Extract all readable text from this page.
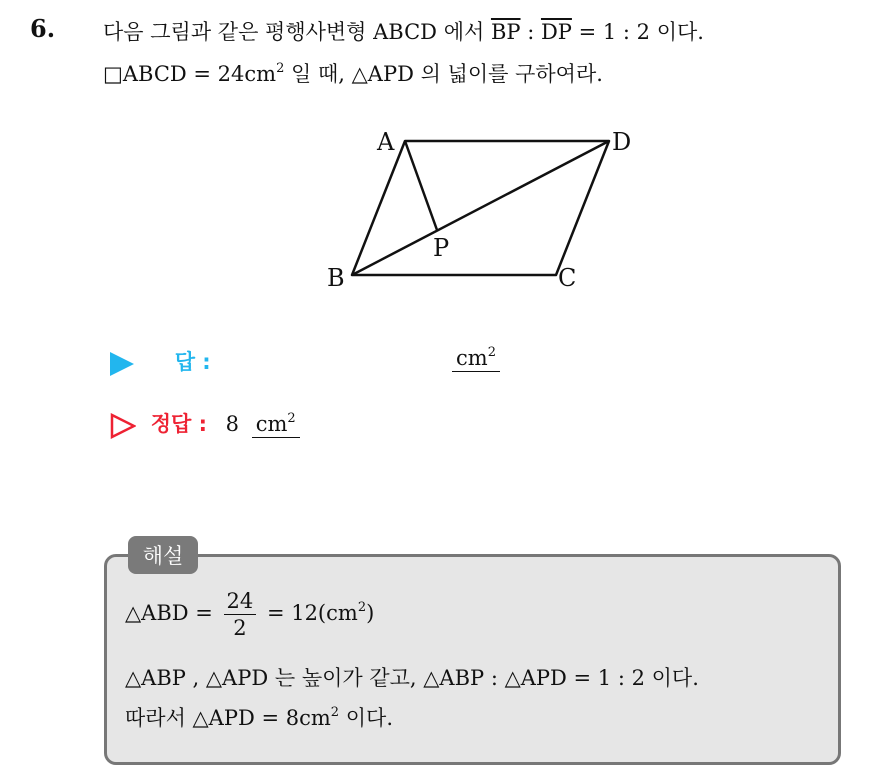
6. 다음 그림과 같은 평행사변형 ABCD 에서 $\overline{BP}$ : $\overline{DP} = 1$ : 2 이다.
□ABCD = $24cm^2$ 일 때, △APD 의 넓이를 구하여라.
A	D
B	C
P
답 :	$cm^2$
정답 : 8 $cm^2$
해설
△ABD = $\frac{24}{2} = 12(cm^2)$
△ABP , △APD 는 높이가 같고, △ABP : △APD = 1 : 2 이다.
따라서 △APD = $8cm^2$ 이다.
